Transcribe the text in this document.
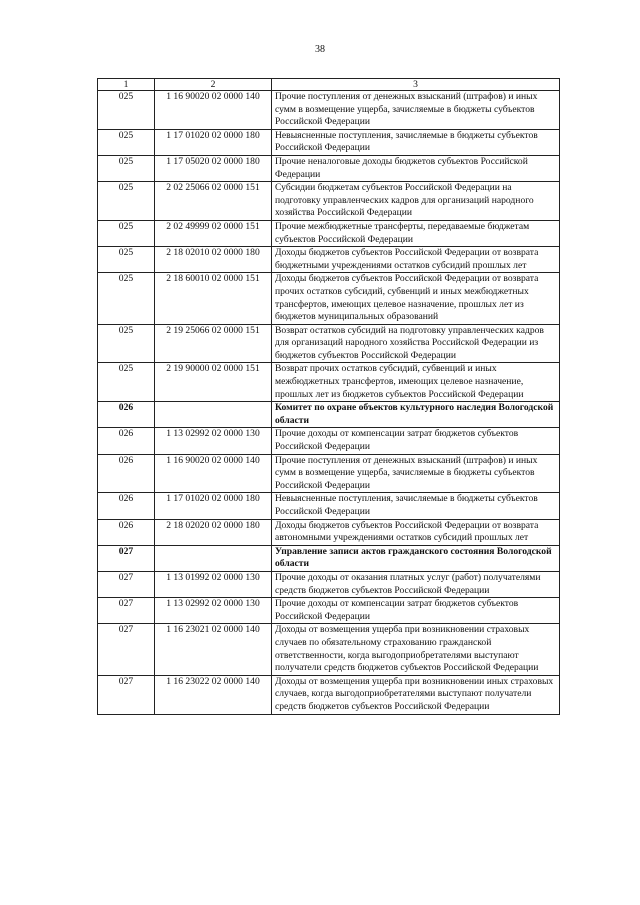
38
1	2	3
025	1 16 90020 02 0000 140	Прочие поступления от денежных взысканий (штрафов) и иных сумм в возмещение ущерба, зачисляемые в бюджеты субъектов Российской Федерации
025	1 17 01020 02 0000 180	Невыясненные поступления, зачисляемые в бюджеты субъектов Российской Федерации
025	1 17 05020 02 0000 180	Прочие неналоговые доходы бюджетов субъектов Российской Федерации
025	2 02 25066 02 0000 151	Субсидии бюджетам субъектов Российской Федерации на подготовку управленческих кадров для организаций народного хозяйства Российской Федерации
025	2 02 49999 02 0000 151	Прочие межбюджетные трансферты, передаваемые бюджетам субъектов Российской Федерации
025	2 18 02010 02 0000 180	Доходы бюджетов субъектов Российской Федерации от возврата бюджетными учреждениями остатков субсидий прошлых лет
025	2 18 60010 02 0000 151	Доходы бюджетов субъектов Российской Федерации от возврата прочих остатков субсидий, субвенций и иных межбюджетных трансфертов, имеющих целевое назначение, прошлых лет из бюджетов муниципальных образований
025	2 19 25066 02 0000 151	Возврат остатков субсидий на подготовку управленческих кадров для организаций народного хозяйства Российской Федерации из бюджетов субъектов Российской Федерации
025	2 19 90000 02 0000 151	Возврат прочих остатков субсидий, субвенций и иных межбюджетных трансфертов, имеющих целевое назначение, прошлых лет из бюджетов субъектов Российской Федерации
026		Комитет по охране объектов культурного наследия Вологодской области
026	1 13 02992 02 0000 130	Прочие доходы от компенсации затрат бюджетов субъектов Российской Федерации
026	1 16 90020 02 0000 140	Прочие поступления от денежных взысканий (штрафов) и иных сумм в возмещение ущерба, зачисляемые в бюджеты субъектов Российской Федерации
026	1 17 01020 02 0000 180	Невыясненные поступления, зачисляемые в бюджеты субъектов Российской Федерации
026	2 18 02020 02 0000 180	Доходы бюджетов субъектов Российской Федерации от возврата автономными учреждениями остатков субсидий прошлых лет
027		Управление записи актов гражданского состояния Вологодской области
027	1 13 01992 02 0000 130	Прочие доходы от оказания платных услуг (работ) получателями средств бюджетов субъектов Российской Федерации
027	1 13 02992 02 0000 130	Прочие доходы от компенсации затрат бюджетов субъектов Российской Федерации
027	1 16 23021 02 0000 140	Доходы от возмещения ущерба при возникновении страховых случаев по обязательному страхованию гражданской ответственности, когда выгодоприобретателями выступают получатели средств бюджетов субъектов Российской Федерации
027	1 16 23022 02 0000 140	Доходы от возмещения ущерба при возникновении иных страховых случаев, когда выгодоприобретателями выступают получатели средств бюджетов субъектов Российской Федерации
